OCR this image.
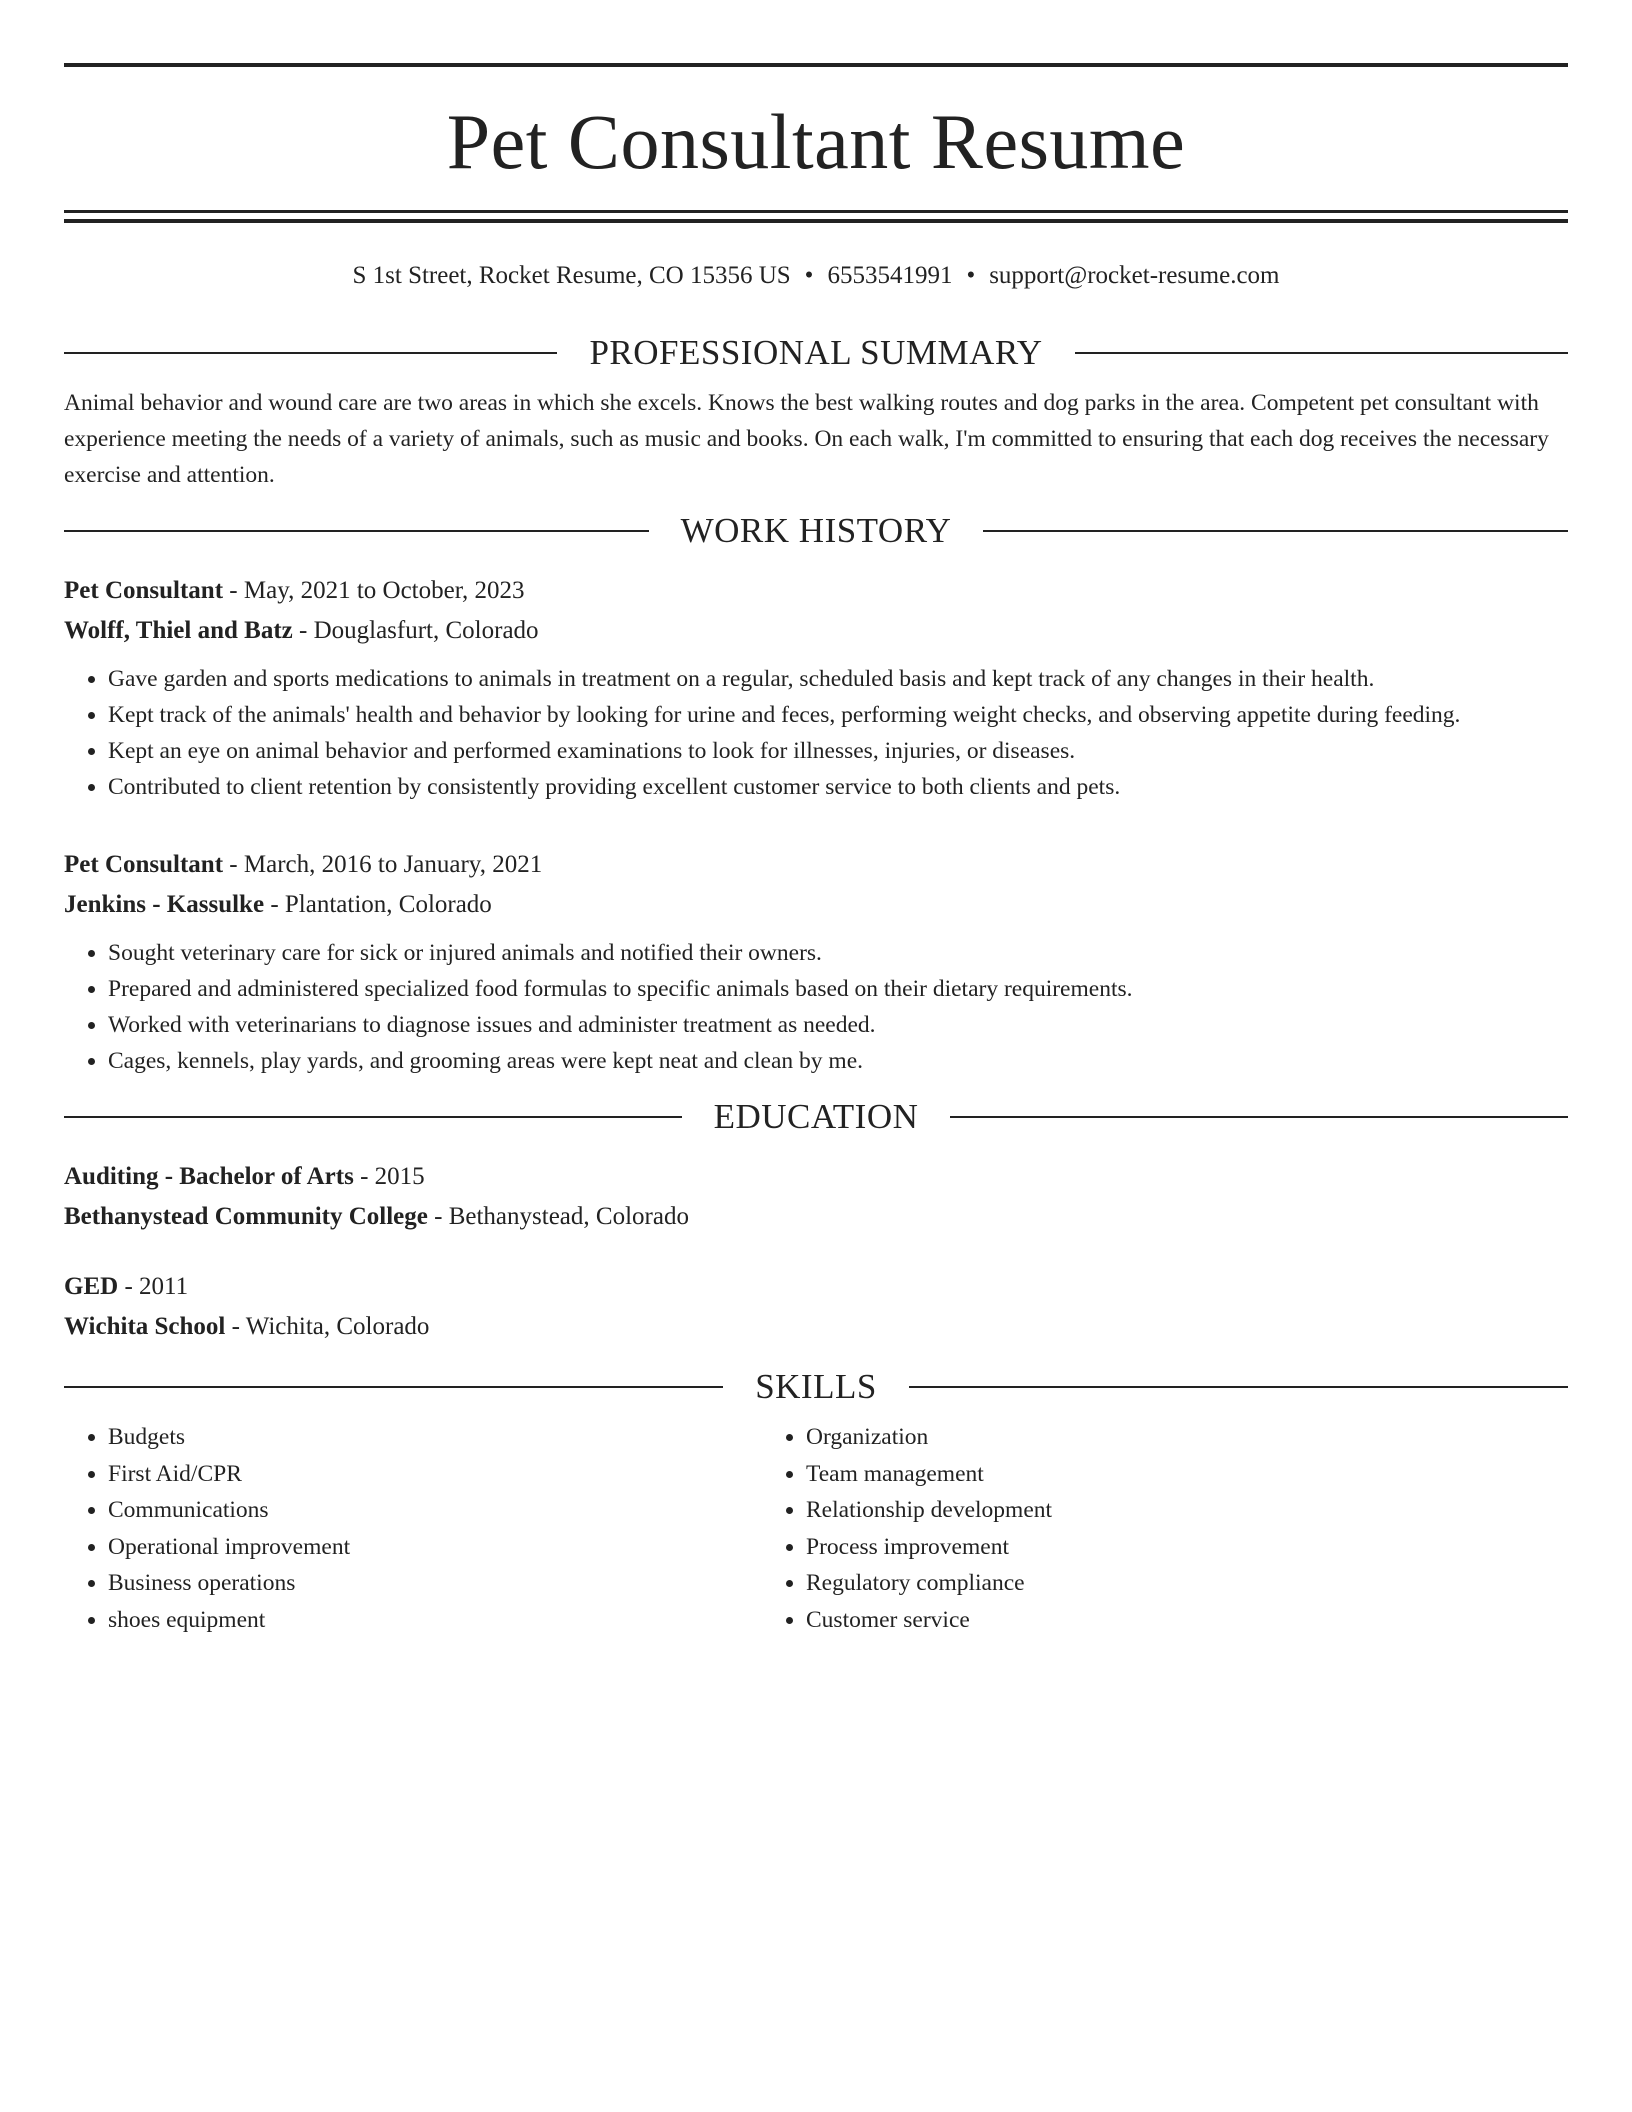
Pet Consultant Resume
S 1st Street, Rocket Resume, CO 15356 US • 6553541991 • support@rocket-resume.com
PROFESSIONAL SUMMARY
Animal behavior and wound care are two areas in which she excels. Knows the best walking routes and dog parks in the area. Competent pet consultant with experience meeting the needs of a variety of animals, such as music and books. On each walk, I'm committed to ensuring that each dog receives the necessary exercise and attention.
WORK HISTORY
Pet Consultant - May, 2021 to October, 2023
Wolff, Thiel and Batz - Douglasfurt, Colorado
• Gave garden and sports medications to animals in treatment on a regular, scheduled basis and kept track of any changes in their health.
• Kept track of the animals' health and behavior by looking for urine and feces, performing weight checks, and observing appetite during feeding.
• Kept an eye on animal behavior and performed examinations to look for illnesses, injuries, or diseases.
• Contributed to client retention by consistently providing excellent customer service to both clients and pets.
Pet Consultant - March, 2016 to January, 2021
Jenkins - Kassulke - Plantation, Colorado
• Sought veterinary care for sick or injured animals and notified their owners.
• Prepared and administered specialized food formulas to specific animals based on their dietary requirements.
• Worked with veterinarians to diagnose issues and administer treatment as needed.
• Cages, kennels, play yards, and grooming areas were kept neat and clean by me.
EDUCATION
Auditing - Bachelor of Arts - 2015
Bethanystead Community College - Bethanystead, Colorado
GED - 2011
Wichita School - Wichita, Colorado
SKILLS
• Budgets
• First Aid/CPR
• Communications
• Operational improvement
• Business operations
• shoes equipment
• Organization
• Team management
• Relationship development
• Process improvement
• Regulatory compliance
• Customer service
